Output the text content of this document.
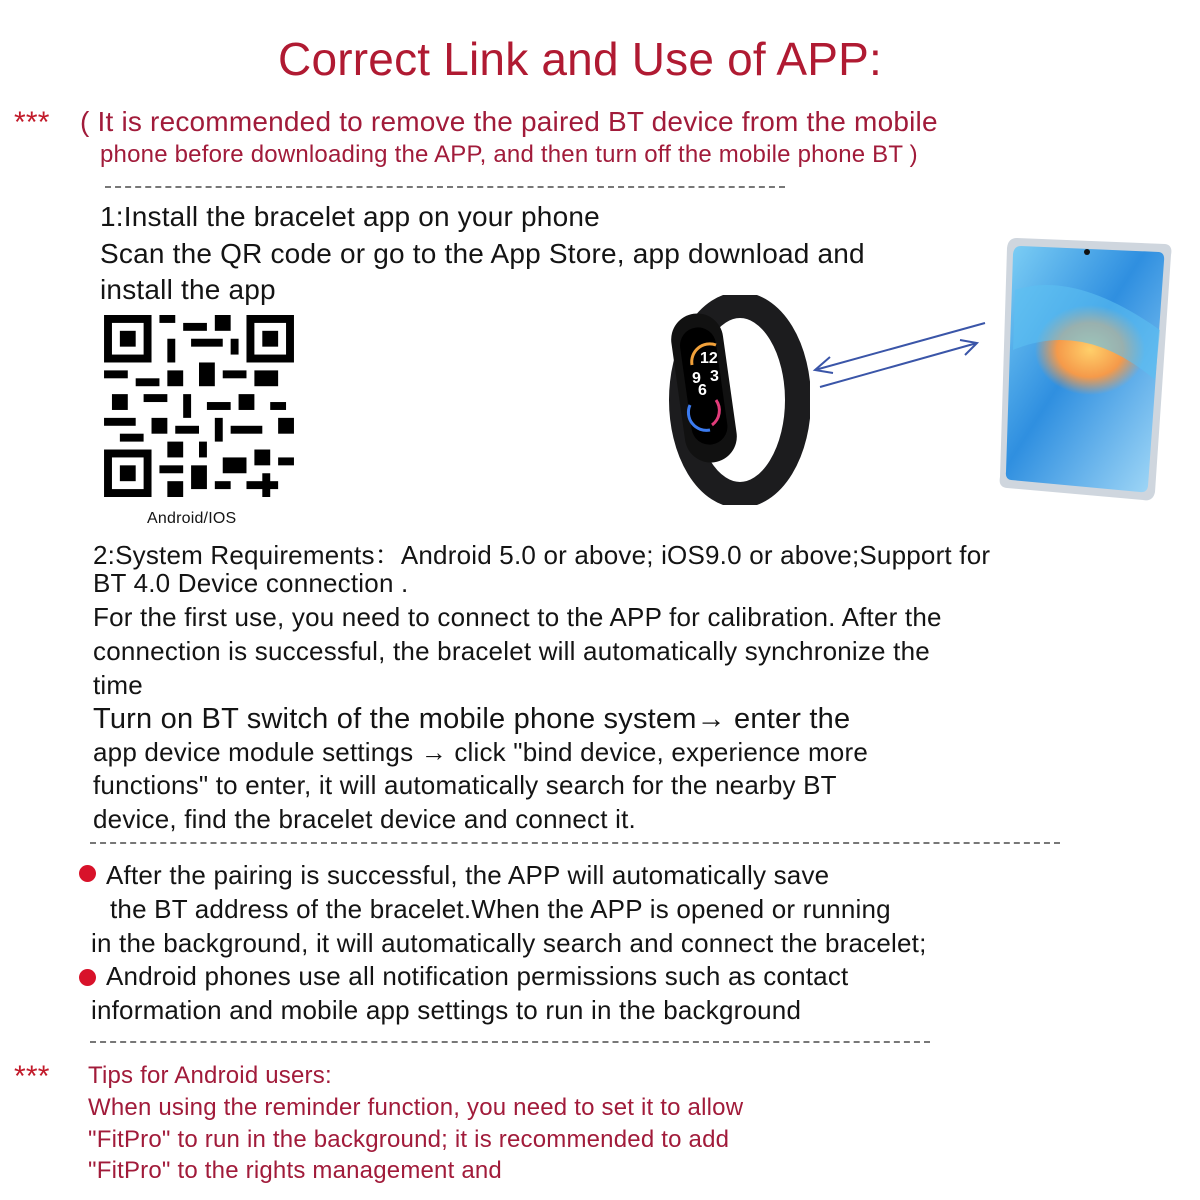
Correct Link and Use of APP:
*** ( It is recommended to remove the paired BT device from the mobile
phone before downloading the APP, and then turn off the mobile phone BT )
1:Install the bracelet app on your phone
Scan the QR code or go to the App Store, app download and
install the app
Android/IOS
12
9 3
6
2:System Requirements：Android 5.0 or above; iOS9.0 or above;Support for
BT 4.0 Device connection .
For the first use, you need to connect to the APP for calibration. After the
connection is successful, the bracelet will automatically synchronize the
time
Turn on BT switch of the mobile phone system→ enter the
app device module settings → click "bind device, experience more
functions" to enter, it will automatically search for the nearby BT
device, find the bracelet device and connect it.
After the pairing is successful, the APP will automatically save
the BT address of the bracelet.When the APP is opened or running
in the background, it will automatically search and connect the bracelet;
Android phones use all notification permissions such as contact
information and mobile app settings to run in the background
*** Tips for Android users:
When using the reminder function, you need to set it to allow
"FitPro" to run in the background; it is recommended to add
"FitPro" to the rights management and
